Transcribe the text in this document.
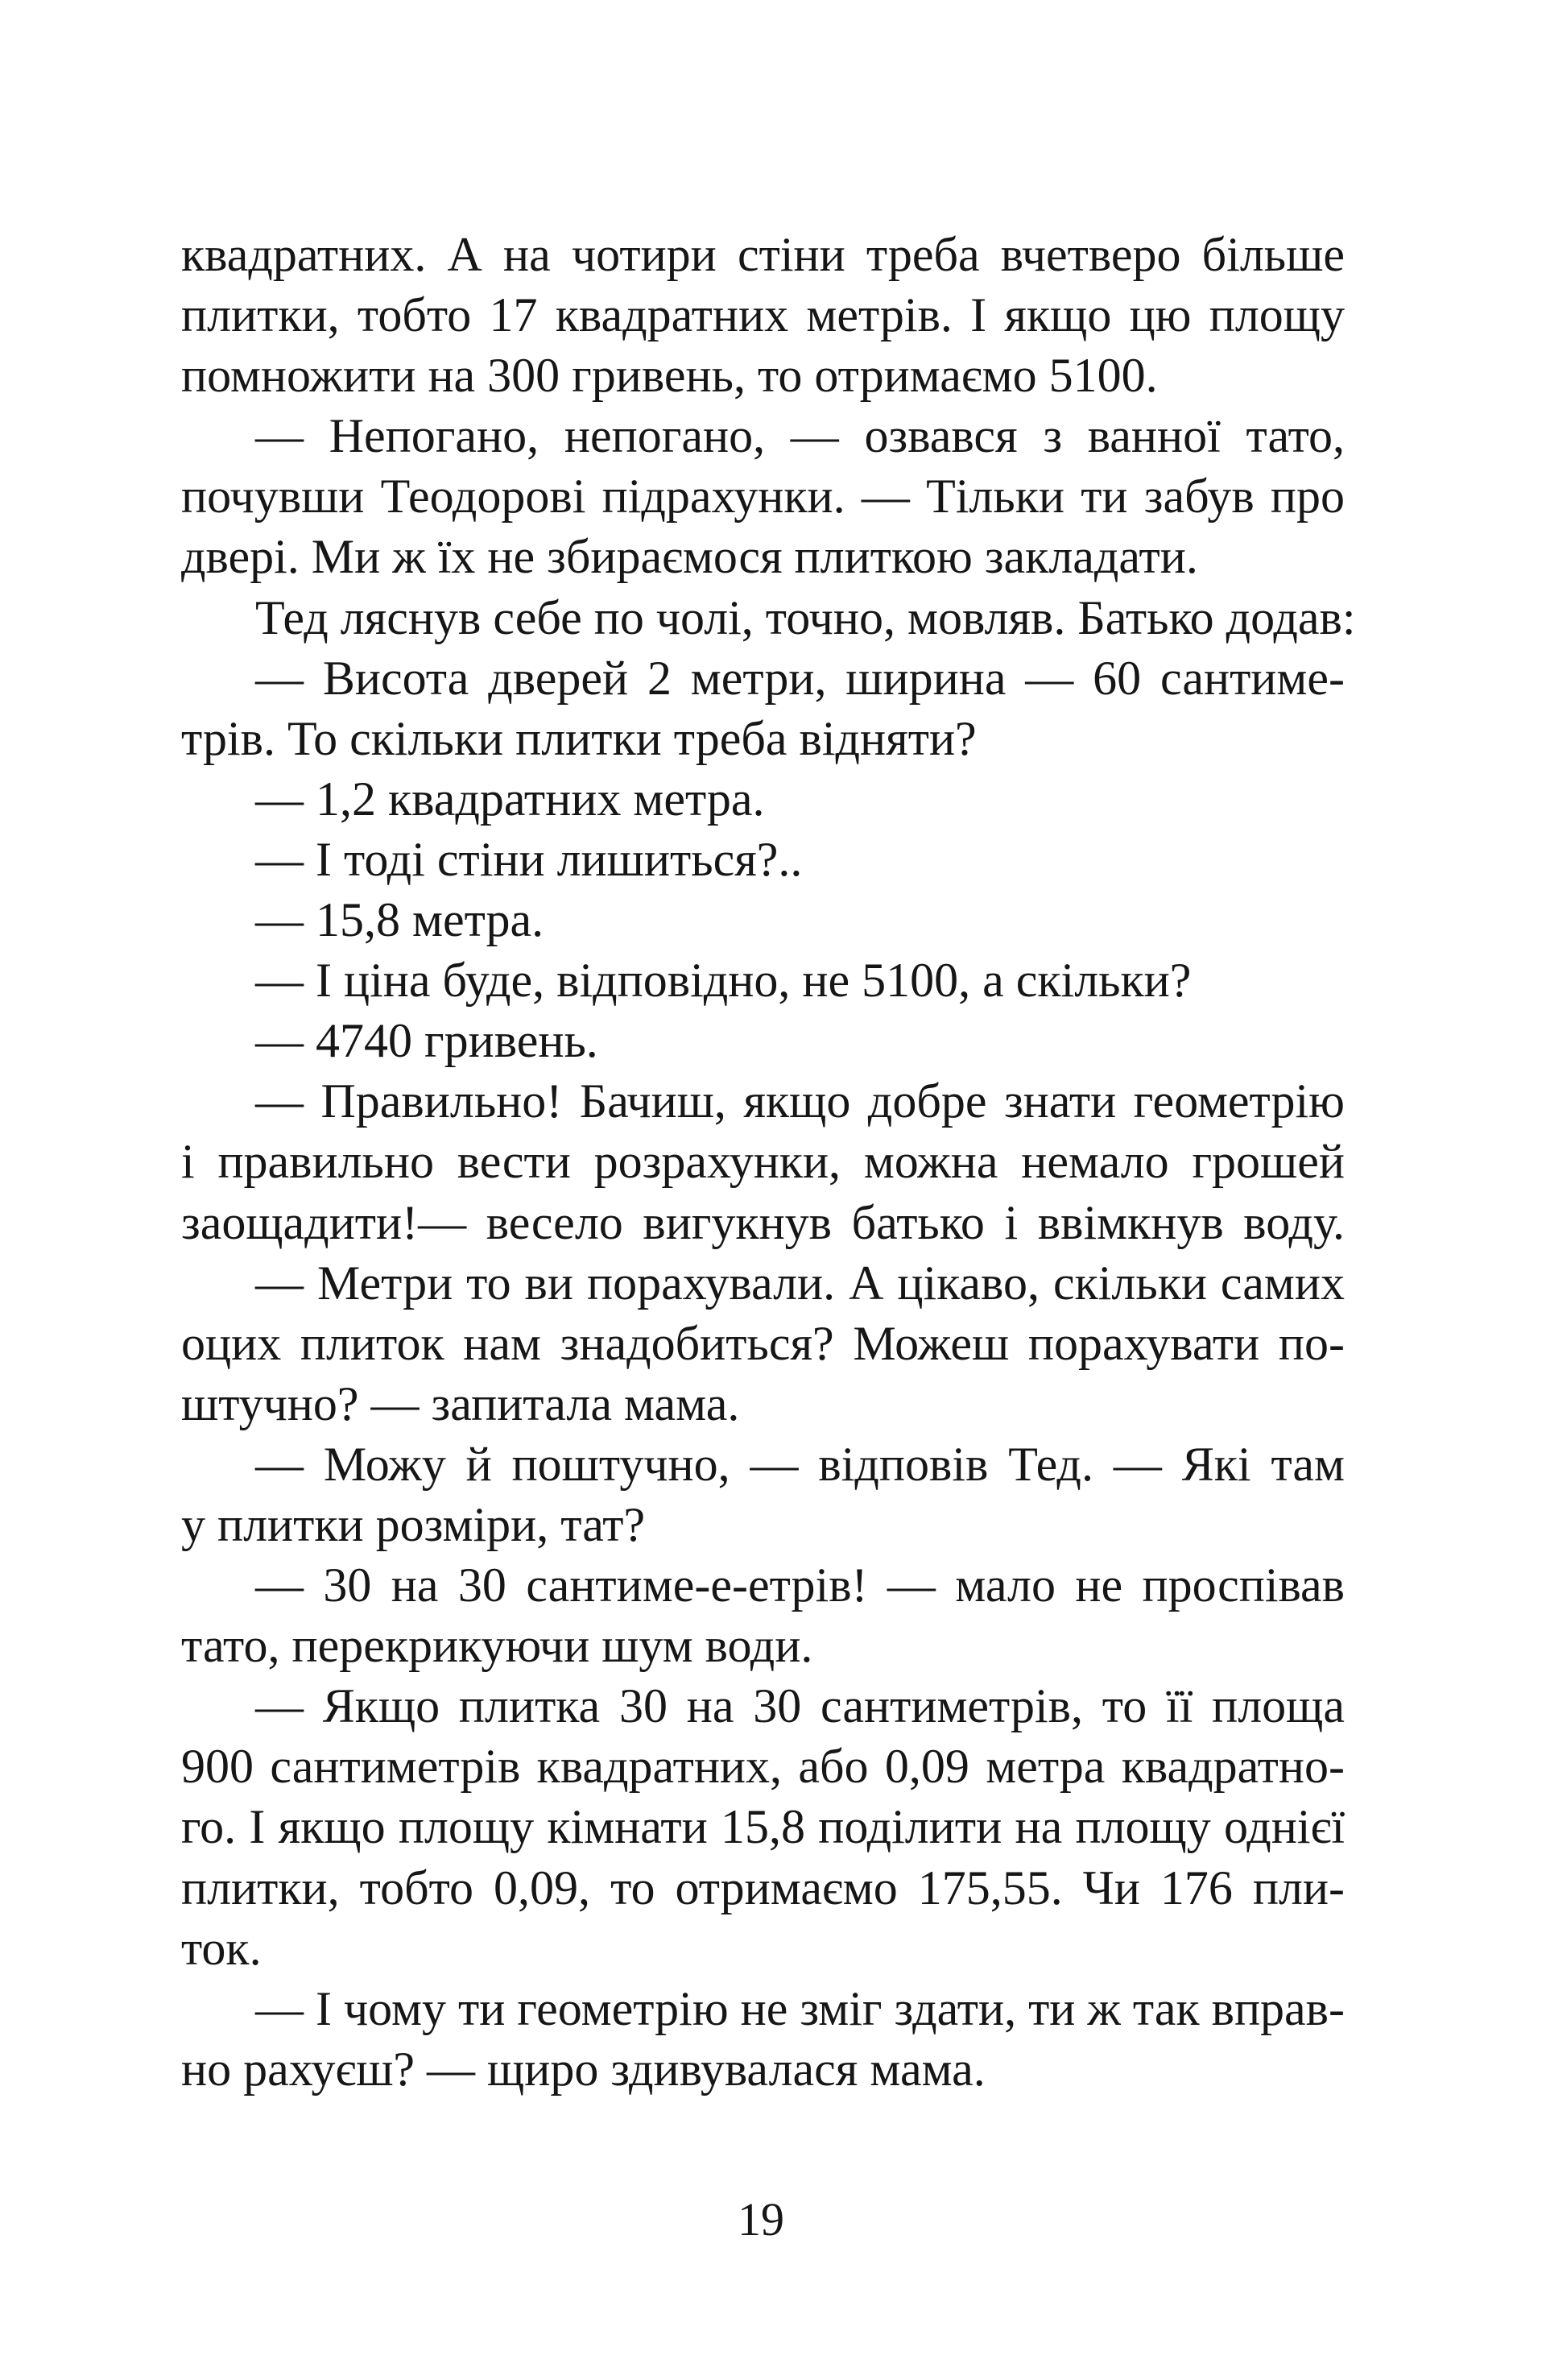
квадратних. А на чотири стіни треба вчетверо більше
плитки, тобто 17 квадратних метрів. І якщо цю площу
помножити на 300 гривень, то отримаємо 5100.
— Непогано, непогано, — озвався з ванної тато,
почувши Теодорові підрахунки. — Тільки ти забув про
двері. Ми ж їх не збираємося плиткою закладати.
Тед ляснув себе по чолі, точно, мовляв. Батько додав:
— Висота дверей 2 метри, ширина — 60 сантиме-
трів. То скільки плитки треба відняти?
— 1,2 квадратних метра.
— І тоді стіни лишиться?..
— 15,8 метра.
— І ціна буде, відповідно, не 5100, а скільки?
— 4740 гривень.
— Правильно! Бачиш, якщо добре знати геометрію
і правильно вести розрахунки, можна немало грошей
заощадити!— весело вигукнув батько і ввімкнув воду.
— Метри то ви порахували. А цікаво, скільки самих
оцих плиток нам знадобиться? Можеш порахувати по-
штучно? — запитала мама.
— Можу й поштучно, — відповів Тед. — Які там
у плитки розміри, тат?
— 30 на 30 сантиме-е-етрів! — мало не проспівав
тато, перекрикуючи шум води.
— Якщо плитка 30 на 30 сантиметрів, то її площа
900 сантиметрів квадратних, або 0,09 метра квадратно-
го. І якщо площу кімнати 15,8 поділити на площу однієї
плитки, тобто 0,09, то отримаємо 175,55. Чи 176 пли-
ток.
— І чому ти геометрію не зміг здати, ти ж так вправ-
но рахуєш? — щиро здивувалася мама.
19
